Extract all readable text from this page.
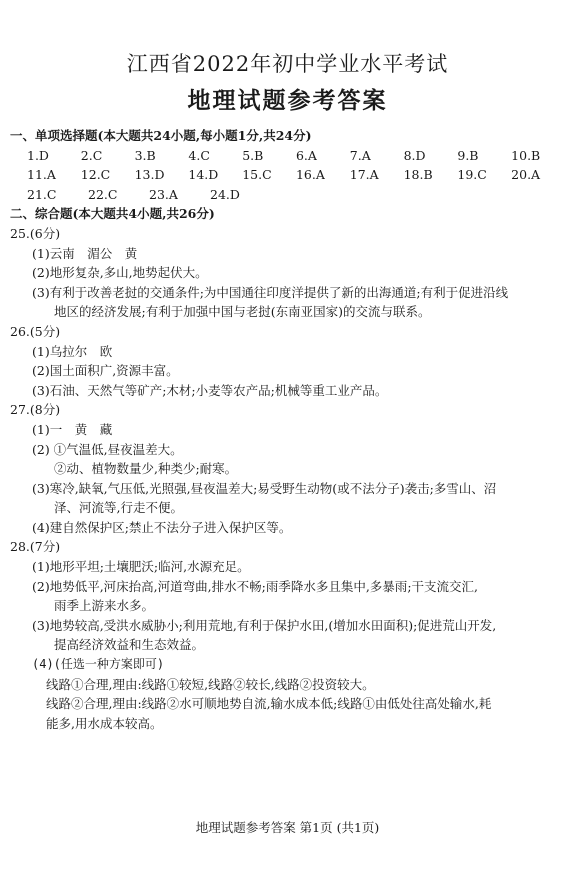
江西省2022年初中学业水平考试
地理试题参考答案
一、单项选择题(本大题共24小题,每小题1分,共24分)
1.D	2.C	3.B	4.C	5.B	6.A	7.A	8.D	9.B	10.B
11.A	12.C	13.D	14.D	15.C	16.A	17.A	18.B	19.C	20.A
21.C	22.C	23.A	24.D
二、综合题(本大题共4小题,共26分)
25.(6分)
(1)云南　湄公　黄
(2)地形复杂,多山,地势起伏大。
(3)有利于改善老挝的交通条件;为中国通往印度洋提供了新的出海通道;有利于促进沿线
地区的经济发展;有利于加强中国与老挝(东南亚国家)的交流与联系。
26.(5分)
(1)乌拉尔　欧
(2)国土面积广,资源丰富。
(3)石油、天然气等矿产;木材;小麦等农产品;机械等重工业产品。
27.(8分)
(1)一　黄　藏
(2) ①气温低,昼夜温差大。
②动、植物数量少,种类少;耐寒。
(3)寒冷,缺氧,气压低,光照强,昼夜温差大;易受野生动物(或不法分子)袭击;多雪山、沼
泽、河流等,行走不便。
(4)建自然保护区;禁止不法分子进入保护区等。
28.(7分)
(1)地形平坦;土壤肥沃;临河,水源充足。
(2)地势低平,河床抬高,河道弯曲,排水不畅;雨季降水多且集中,多暴雨;干支流交汇,
雨季上游来水多。
(3)地势较高,受洪水威胁小;利用荒地,有利于保护水田,(增加水田面积);促进荒山开发,
提高经济效益和生态效益。
(4)(任选一种方案即可)
线路①合理,理由:线路①较短,线路②较长,线路②投资较大。
线路②合理,理由:线路②水可顺地势自流,输水成本低;线路①由低处往高处输水,耗
能多,用水成本较高。
地理试题参考答案 第1页 (共1页)
